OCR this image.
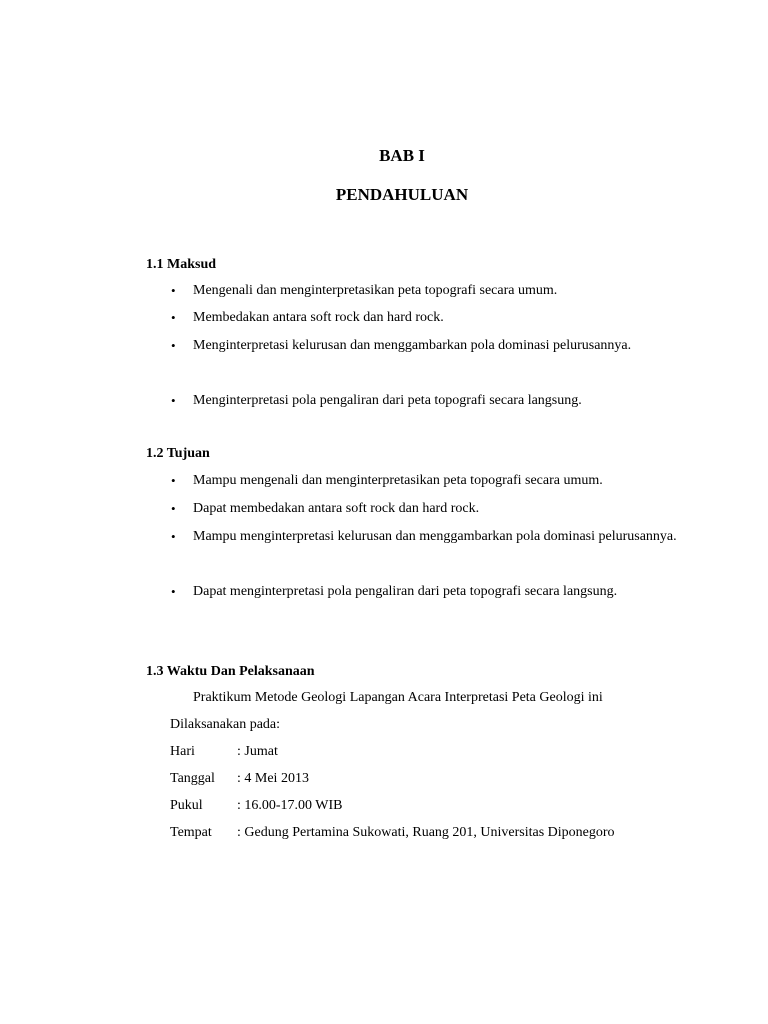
BAB I
PENDAHULUAN
1.1 Maksud
•	Mengenali dan menginterpretasikan peta topografi secara umum.
•	Membedakan antara soft rock dan hard rock.
•	Menginterpretasi kelurusan dan menggambarkan pola dominasi pelurusannya.
•	Menginterpretasi pola pengaliran dari peta topografi secara langsung.
1.2 Tujuan
•	Mampu mengenali dan menginterpretasikan peta topografi secara umum.
•	Dapat membedakan antara soft rock dan hard rock.
•	Mampu menginterpretasi kelurusan dan menggambarkan pola dominasi pelurusannya.
•	Dapat menginterpretasi pola pengaliran dari peta topografi secara langsung.
1.3 Waktu Dan Pelaksanaan
Praktikum Metode Geologi Lapangan Acara Interpretasi Peta Geologi ini
Dilaksanakan pada:
Hari	: Jumat
Tanggal : 4 Mei 2013
Pukul : 16.00-17.00 WIB
Tempat : Gedung Pertamina Sukowati, Ruang 201, Universitas Diponegoro
